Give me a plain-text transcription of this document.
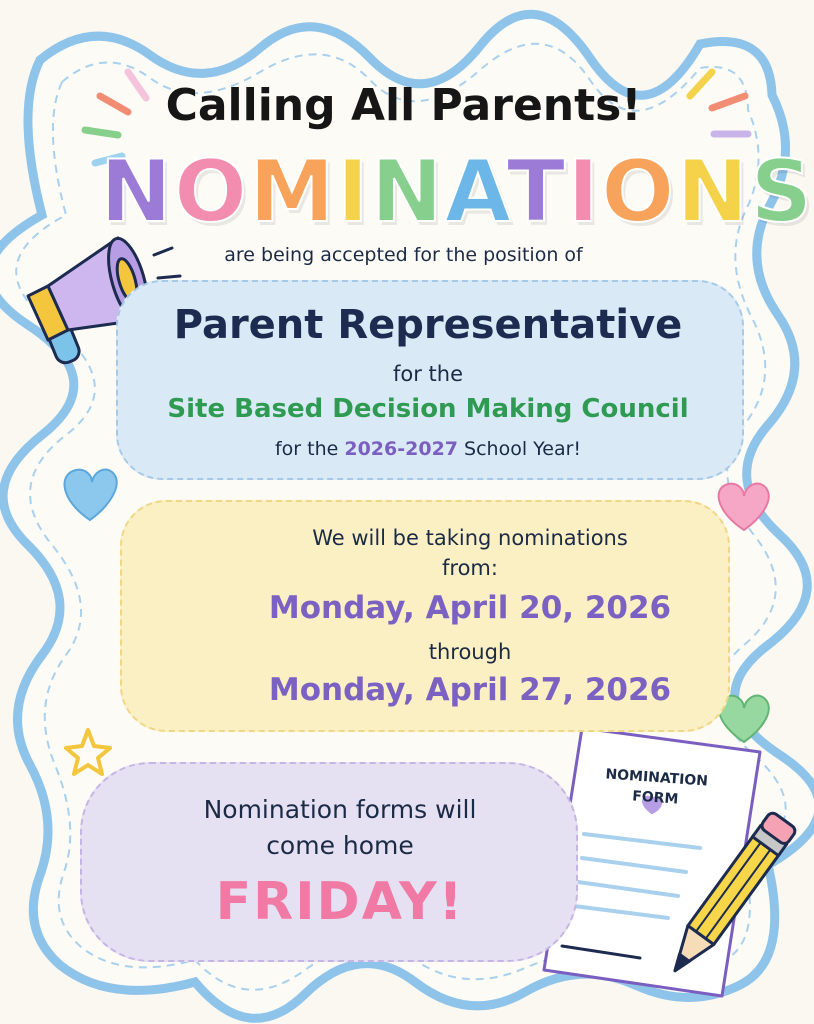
Calling All Parents!
NOMINATIONS
are being accepted for the position of
Parent Representative
for the
Site Based Decision Making Council
for the 2026-2027 School Year!
We will be taking nominations
from:
Monday, April 20, 2026
through
Monday, April 27, 2026
Nomination forms will
come home
FRIDAY!
NOMINATION
FORM
